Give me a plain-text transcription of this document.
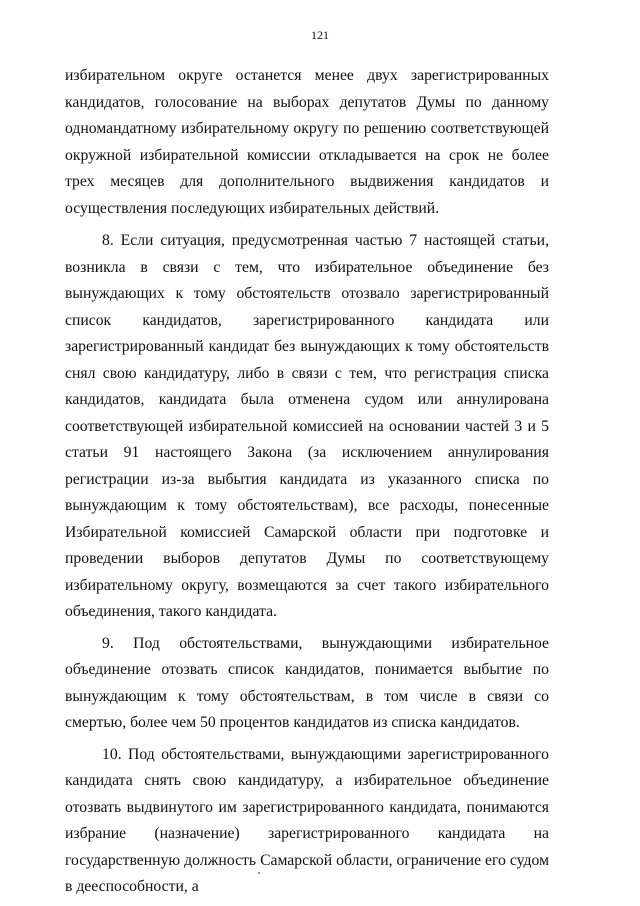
121

избирательном округе останется менее двух зарегистрированных кандидатов, голосование на выборах депутатов Думы по данному одномандатному избирательному округу по решению соответствующей окружной избирательной комиссии откладывается на срок не более трех месяцев для дополнительного выдвижения кандидатов и осуществления последующих избирательных действий.

8. Если ситуация, предусмотренная частью 7 настоящей статьи, возникла в связи с тем, что избирательное объединение без вынуждающих к тому обстоятельств отозвало зарегистрированный список кандидатов, зарегистрированного кандидата или зарегистрированный кандидат без вынуждающих к тому обстоятельств снял свою кандидатуру, либо в связи с тем, что регистрация списка кандидатов, кандидата была отменена судом или аннулирована соответствующей избирательной комиссией на основании частей 3 и 5 статьи 91 настоящего Закона (за исключением аннулирования регистрации из-за выбытия кандидата из указанного списка по вынуждающим к тому обстоятельствам), все расходы, понесенные Избирательной комиссией Самарской области при подготовке и проведении выборов депутатов Думы по соответствующему избирательному округу, возмещаются за счет такого избирательного объединения, такого кандидата.

9. Под обстоятельствами, вынуждающими избирательное объединение отозвать список кандидатов, понимается выбытие по вынуждающим к тому обстоятельствам, в том числе в связи со смертью, более чем 50 процентов кандидатов из списка кандидатов.

10. Под обстоятельствами, вынуждающими зарегистрированного кандидата снять свою кандидатуру, а избирательное объединение отозвать выдвинутого им зарегистрированного кандидата, понимаются избрание (назначение) зарегистрированного кандидата на государственную должность Самарской области, ограничение его судом в дееспособности, а
